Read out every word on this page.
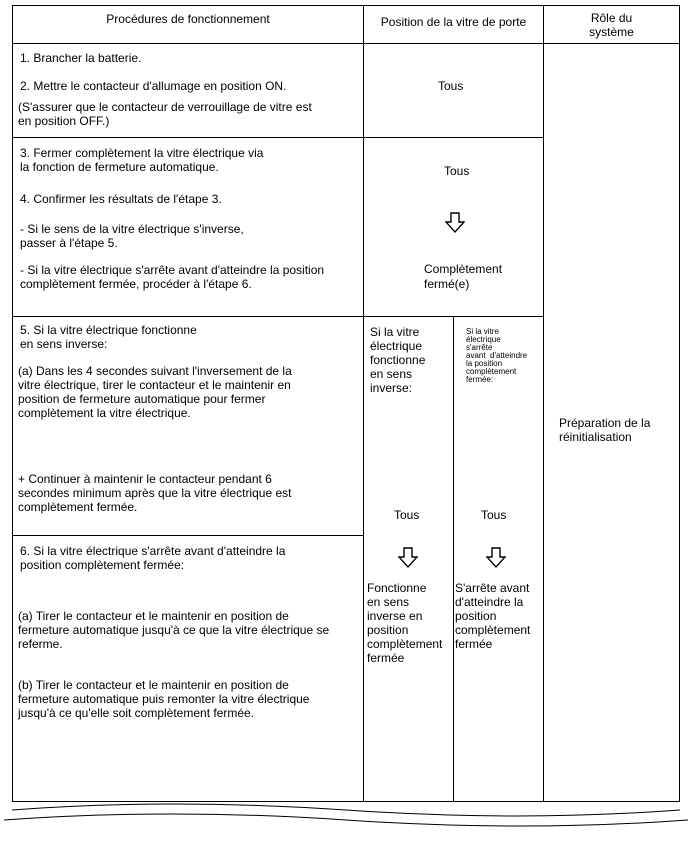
Procédures de fonctionnement	Position de la vitre de porte	Rôle du
système
1. Brancher la batterie.
2. Mettre le contacteur d'allumage en position ON.
(S'assurer que le contacteur de verrouillage de vitre est
en position OFF.)
Tous
3. Fermer complètement la vitre électrique via
la fonction de fermeture automatique.
4. Confirmer les résultats de l'étape 3.
- Si le sens de la vitre électrique s'inverse,
passer à l'étape 5.
- Si la vitre électrique s'arrête avant d'atteindre la position
complètement fermée, procéder à l'étape 6.
Tous
Complètement
fermé(e)
5. Si la vitre électrique fonctionne
en sens inverse:
(a) Dans les 4 secondes suivant l'inversement de la
vitre électrique, tirer le contacteur et le maintenir en
position de fermeture automatique pour fermer
complètement la vitre électrique.
+ Continuer à maintenir le contacteur pendant 6
secondes minimum après que la vitre électrique est
complètement fermée.
6. Si la vitre électrique s'arrête avant d'atteindre la
position complètement fermée:
(a) Tirer le contacteur et le maintenir en position de
fermeture automatique jusqu'à ce que la vitre électrique se
referme.
(b) Tirer le contacteur et le maintenir en position de
fermeture automatique puis remonter la vitre électrique
jusqu'à ce qu'elle soit complètement fermée.
Si la vitre
électrique
fonctionne
en sens
inverse:
Tous
Fonctionne
en sens
inverse en
position
complètement
fermée
Si la vitre
électrique
s'arrête
avant  d'atteindre
la position
complètement
fermée:
Tous
S'arrête avant
d'atteindre la
position
complètement
fermée
Préparation de la
réinitialisation
